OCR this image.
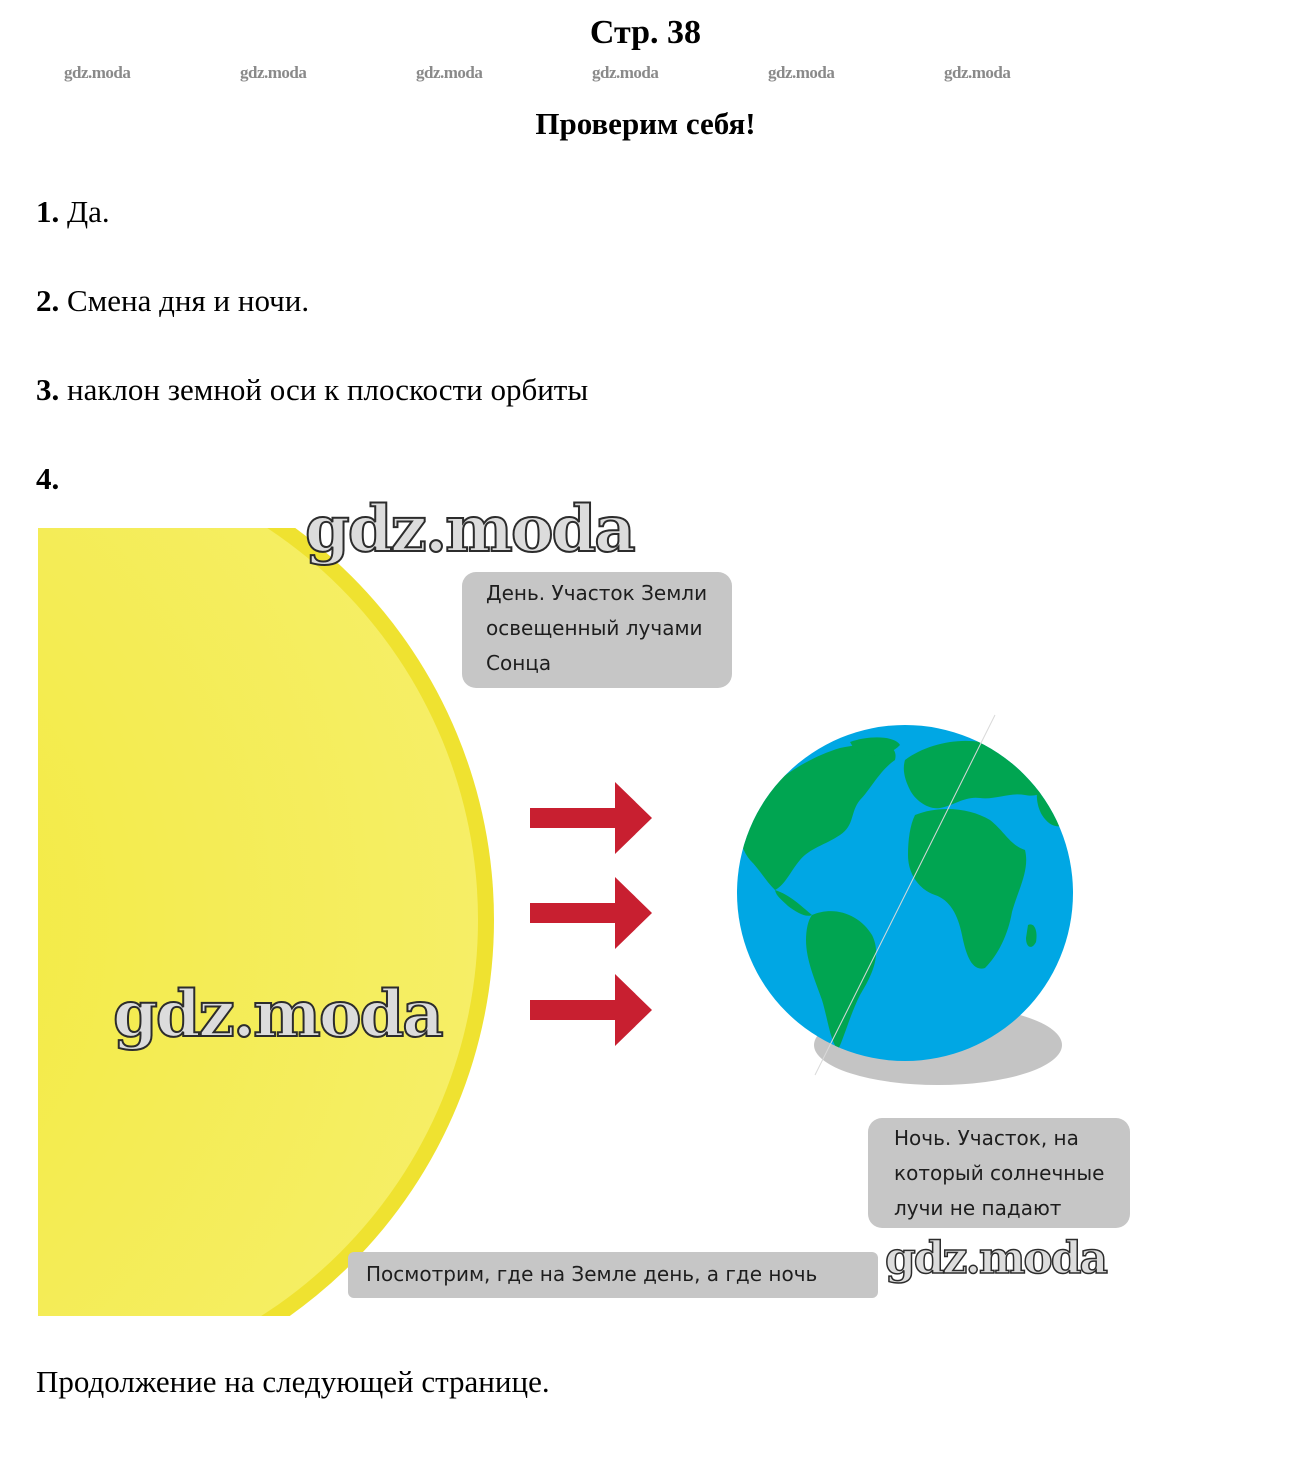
Стр. 38
gdz.moda	gdz.moda	gdz.moda	gdz.moda	gdz.moda	gdz.moda
Проверим себя!
1. Да.
2. Смена дня и ночи.
3. наклон земной оси к плоскости орбиты
4.
День. Участок Земли
освещенный лучами
Сонца
Ночь. Участок, на
который солнечные
лучи не падают
Посмотрим, где на Земле день, а где ночь
gdz.moda
gdz.moda
gdz.moda
Продолжение на следующей странице.
